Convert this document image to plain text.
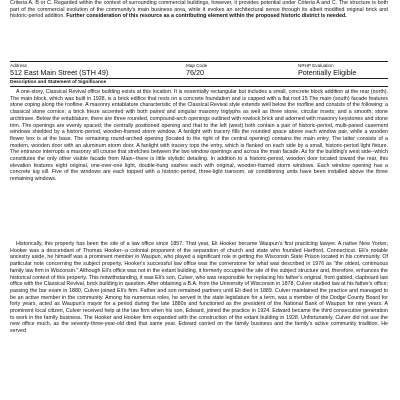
Criteria A, B or C. Regarded within the context of surrounding commercial buildings, however, it provides potential under Criteria A and C. The structure is both part of the commercial evolution of the community's main business area, while it evokes an architectural sense through its albeit modified original brick and historic-period addition. Further consideration of this resource as a contributing element within the proposed historic district is needed.

Address	Map Code	NRHP Evaluation
512 East Main Street (STH 49)	76/20	Potentially Eligible
Description and Statement of Significance

A one-story, Classical Revival office building exists at this location. It is essentially rectangular but includes a small, concrete block addition at the rear (north). The main block, which was built in 1928, is a brick edifice that rests on a concrete foundation and is capped with a flat roof.15 The main (south) facade features stone coping along the roofline. A masonry entablature characteristic of the Classical Revival style extends well below the roofline and consists of the following: a classical stone cornice; a brick frieze accented with both paired and singular masonry triglyphs as well as three stone, circular insets; and a smooth, stone architrave. Below the entablature, there are three rounded, compound-arch openings outlined with rowlock brick and adorned with masonry keystones and stone trim. The openings are evenly spaced; the centrally positioned opening and that to the left (west) both contain a pair of historic-period, multi-paned casement windows shielded by a historic-period, wooden-framed storm window. A fanlight with tracery fills the rounded space above each window pair, while a wooden flower box is at the base. The remaining round-arched opening (located to the right of the central opening) contains the main entry. The latter consists of a modern, wooden door with an aluminum storm door. A fanlight with tracery tops the entry, which is flanked on each side by a small, historic-period light fixture. The entrance interrupts a masonry sill course that stretches between the two window openings and across the main facade. As for the building's west side--which constitutes the only other visible facade from Main--there is little stylistic detailing. In addition to a historic-period, wooden door located toward the rear, this elevation features eight original, one-over-one light, double-hung sashes each with original, wooden-framed storm windows. Each window opening has a concrete lug sill. Five of the windows are each topped with a historic-period, three-light transom; air conditioning units have been installed above the three remaining windows.

Historically, this property has been the site of a law office since 1857. That year, Eli Hooker became Waupun's first practicing lawyer. A native New Yorker, Hooker was a descendant of Thomas Hooker--a colonial proponent of the separation of church and state who founded Hartford, Connecticut. Eli's notable ancestry aside, he himself was a prominent member in Waupun, who played a significant role in getting the Wisconsin State Prison located in his community. Of particular note concerning the subject property, Hooker's successful law office was the cornerstone for what was described in 1976 as "the oldest, continuous family law firm in Wisconsin." Although Eli's office was not in the extant building, it formerly occupied the site of the subject structure and, therefore, enhances the historical context of this property. This notwithstanding, it was Eli's son, Culver, who was responsible for replacing his father's original, front gabled, clapboard law office with the Classical Revival, brick building in question. After obtaining a B.A. from the University of Wisconsin in 1878, Culver studied law at his father's office; passing the bar exam in 1880, Culver joined Eli's firm. Father and son remained partners until Eli died in 1889. Culver maintained the practice and managed to be an active member in the community. Among his numerous roles, he served in the state legislature for a term, was a member of the Dodge County Board for forty years, acted as Waupun's mayor for a period during the late 1880s and functioned as the president of the National Bank of Waupun for nine years. A prominent local citizen, Culver received help at the law firm when his son, Edward, joined the practice in 1924. Edward became the third consecutive generation to work in the family business. The Hooker and Hooker firm expanded with the construction of the extant building in 1928. Unfortunately, Culver did not use the new office much, as the seventy-three-year-old died that same year. Edward carried on the family business and the family's active community tradition. He served
